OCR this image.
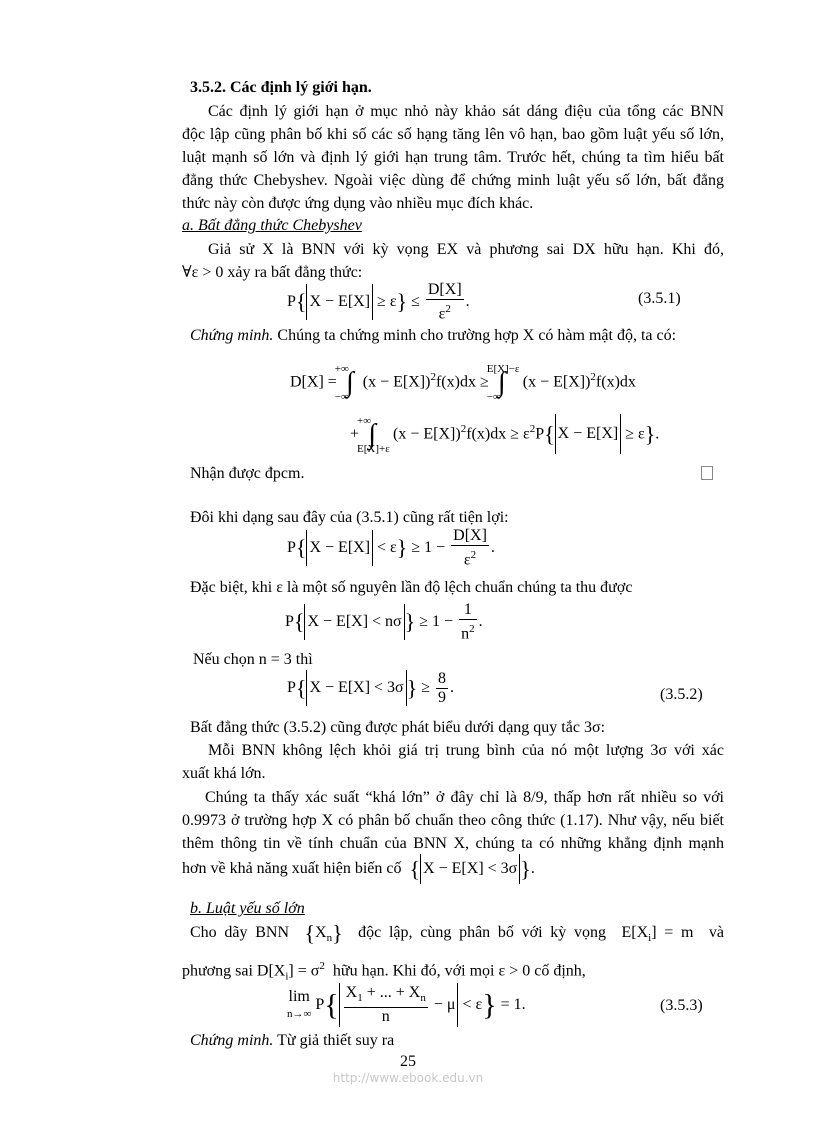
3.5.2. Các định lý giới hạn.
Các định lý giới hạn ở mục nhỏ này khảo sát dáng điệu của tổng các BNN
độc lập cũng phân bố khi số các số hạng tăng lên vô hạn, bao gồm luật yếu số lớn,
luật mạnh số lớn và định lý giới hạn trung tâm. Trước hết, chúng ta tìm hiểu bất
đẳng thức Chebyshev. Ngoài việc dùng để chứng minh luật yếu số lớn, bất đẳng
thức này còn được ứng dụng vào nhiều mục đích khác.
a. Bất đẳng thức Chebyshev
Giả sử X là BNN với kỳ vọng EX và phương sai DX hữu hạn. Khi đó,
∀ε > 0 xảy ra bất đẳng thức:
P{ $X - E[X] \ge \varepsilon\} \le \frac{D[X]}{\varepsilon^2}$ .	(3.5.1)
Chứng minh. Chúng ta chứng minh cho trường hợp X có hàm mật độ, ta có:
D[X] = ∫
+∞
−∞
$(x - E[X])^2f(x)dx$ ≥ ∫
E[X]−ε
−∞
$(x - E[X])^2f(x)dx$
+ ∫
+∞
E[X]+ε
$(x - E[X])^2f(x)dx \ge \varepsilon^2P${ X − E[X] ≥ ε}.
Nhận được đpcm.
Đôi khi dạng sau đây của (3.5.1) cũng rất tiện lợi:
P{ $X - E[X] < \varepsilon\} \ge 1 - \frac{D[X]}{\varepsilon^2}$ .
Đặc biệt, khi ε là một số nguyên lần độ lệch chuẩn chúng ta thu được
P{ X − E[X] < nσ } ≥ $1 - \frac{1}{n^2}$ .
Nếu chọn n = 3 thì
P{ X − E[X] < 3σ } ≥ $\frac{8}{9}$ .	(3.5.2)
Bất đẳng thức (3.5.2) cũng được phát biểu dưới dạng quy tắc 3σ:
Mỗi BNN không lệch khỏi giá trị trung bình của nó một lượng 3σ với xác
xuất khá lớn.
Chúng ta thấy xác suất “khá lớn” ở đây chỉ là 8/9, thấp hơn rất nhiều so với
0.9973 ở trường hợp X có phân bố chuẩn theo công thức (1.17). Như vậy, nếu biết
thêm thông tin về tính chuẩn của BNN X, chúng ta có những khẳng định mạnh
hơn về khả năng xuất hiện biến cố { X − E[X] < 3σ }.
b. Luật yếu số lớn
Cho dãy BNN $\{X_n\}$ độc lập, cùng phân bố với kỳ vọng  $E[X_i] = m$  và
phương sai $D[X_i] = \sigma^2$ hữu hạn. Khi đó, với mọi ε > 0 cố định,
lim
n→∞ $P\{ \frac{X_1 + ... + X_n}{n} - \mu < \varepsilon\} = 1$.	(3.5.3)
Chứng minh. Từ giả thiết suy ra
25
http://www.ebook.edu.vn
